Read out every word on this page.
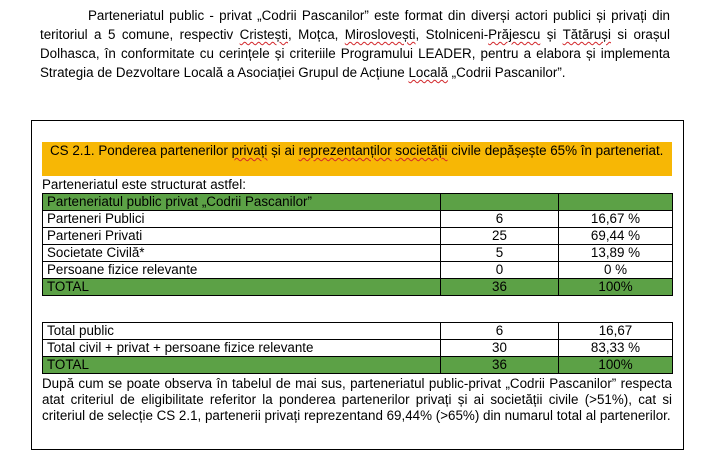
Parteneriatul public - privat „Codrii Pascanilor” este format din diverși actori publici și privați din teritoriul a 5 comune, respectiv Cristești, Moțca, Miroslovești, Stolniceni-Prăjescu și Tătăruși si orașul Dolhasca, în conformitate cu cerințele și criteriile Programului LEADER, pentru a elabora și implementa Strategia de Dezvoltare Locală a Asociației Grupul de Acțiune Locală „Codrii Pascanilor”.

CS 2.1. Ponderea partenerilor privați și ai reprezentanților societății civile depășește 65% în parteneriat.
Parteneriatul este structurat astfel:
Parteneriatul public privat „Codrii Pascanilor”		
Parteneri Publici	6	16,67 %
Parteneri Privati	25	69,44 %
Societate Civilă*	5	13,89 %
Persoane fizice relevante	0	0 %
TOTAL	36	100%
Total public	6	16,67
Total civil + privat + persoane fizice relevante	30	83,33 %
TOTAL	36	100%

După cum se poate observa în tabelul de mai sus, parteneriatul public-privat „Codrii Pascanilor” respecta atat criteriul de eligibilitate referitor la ponderea partenerilor privați și ai societății civile (>51%), cat si criteriul de selecție CS 2.1, partenerii privați reprezentand 69,44% (>65%) din numarul total al partenerilor.
